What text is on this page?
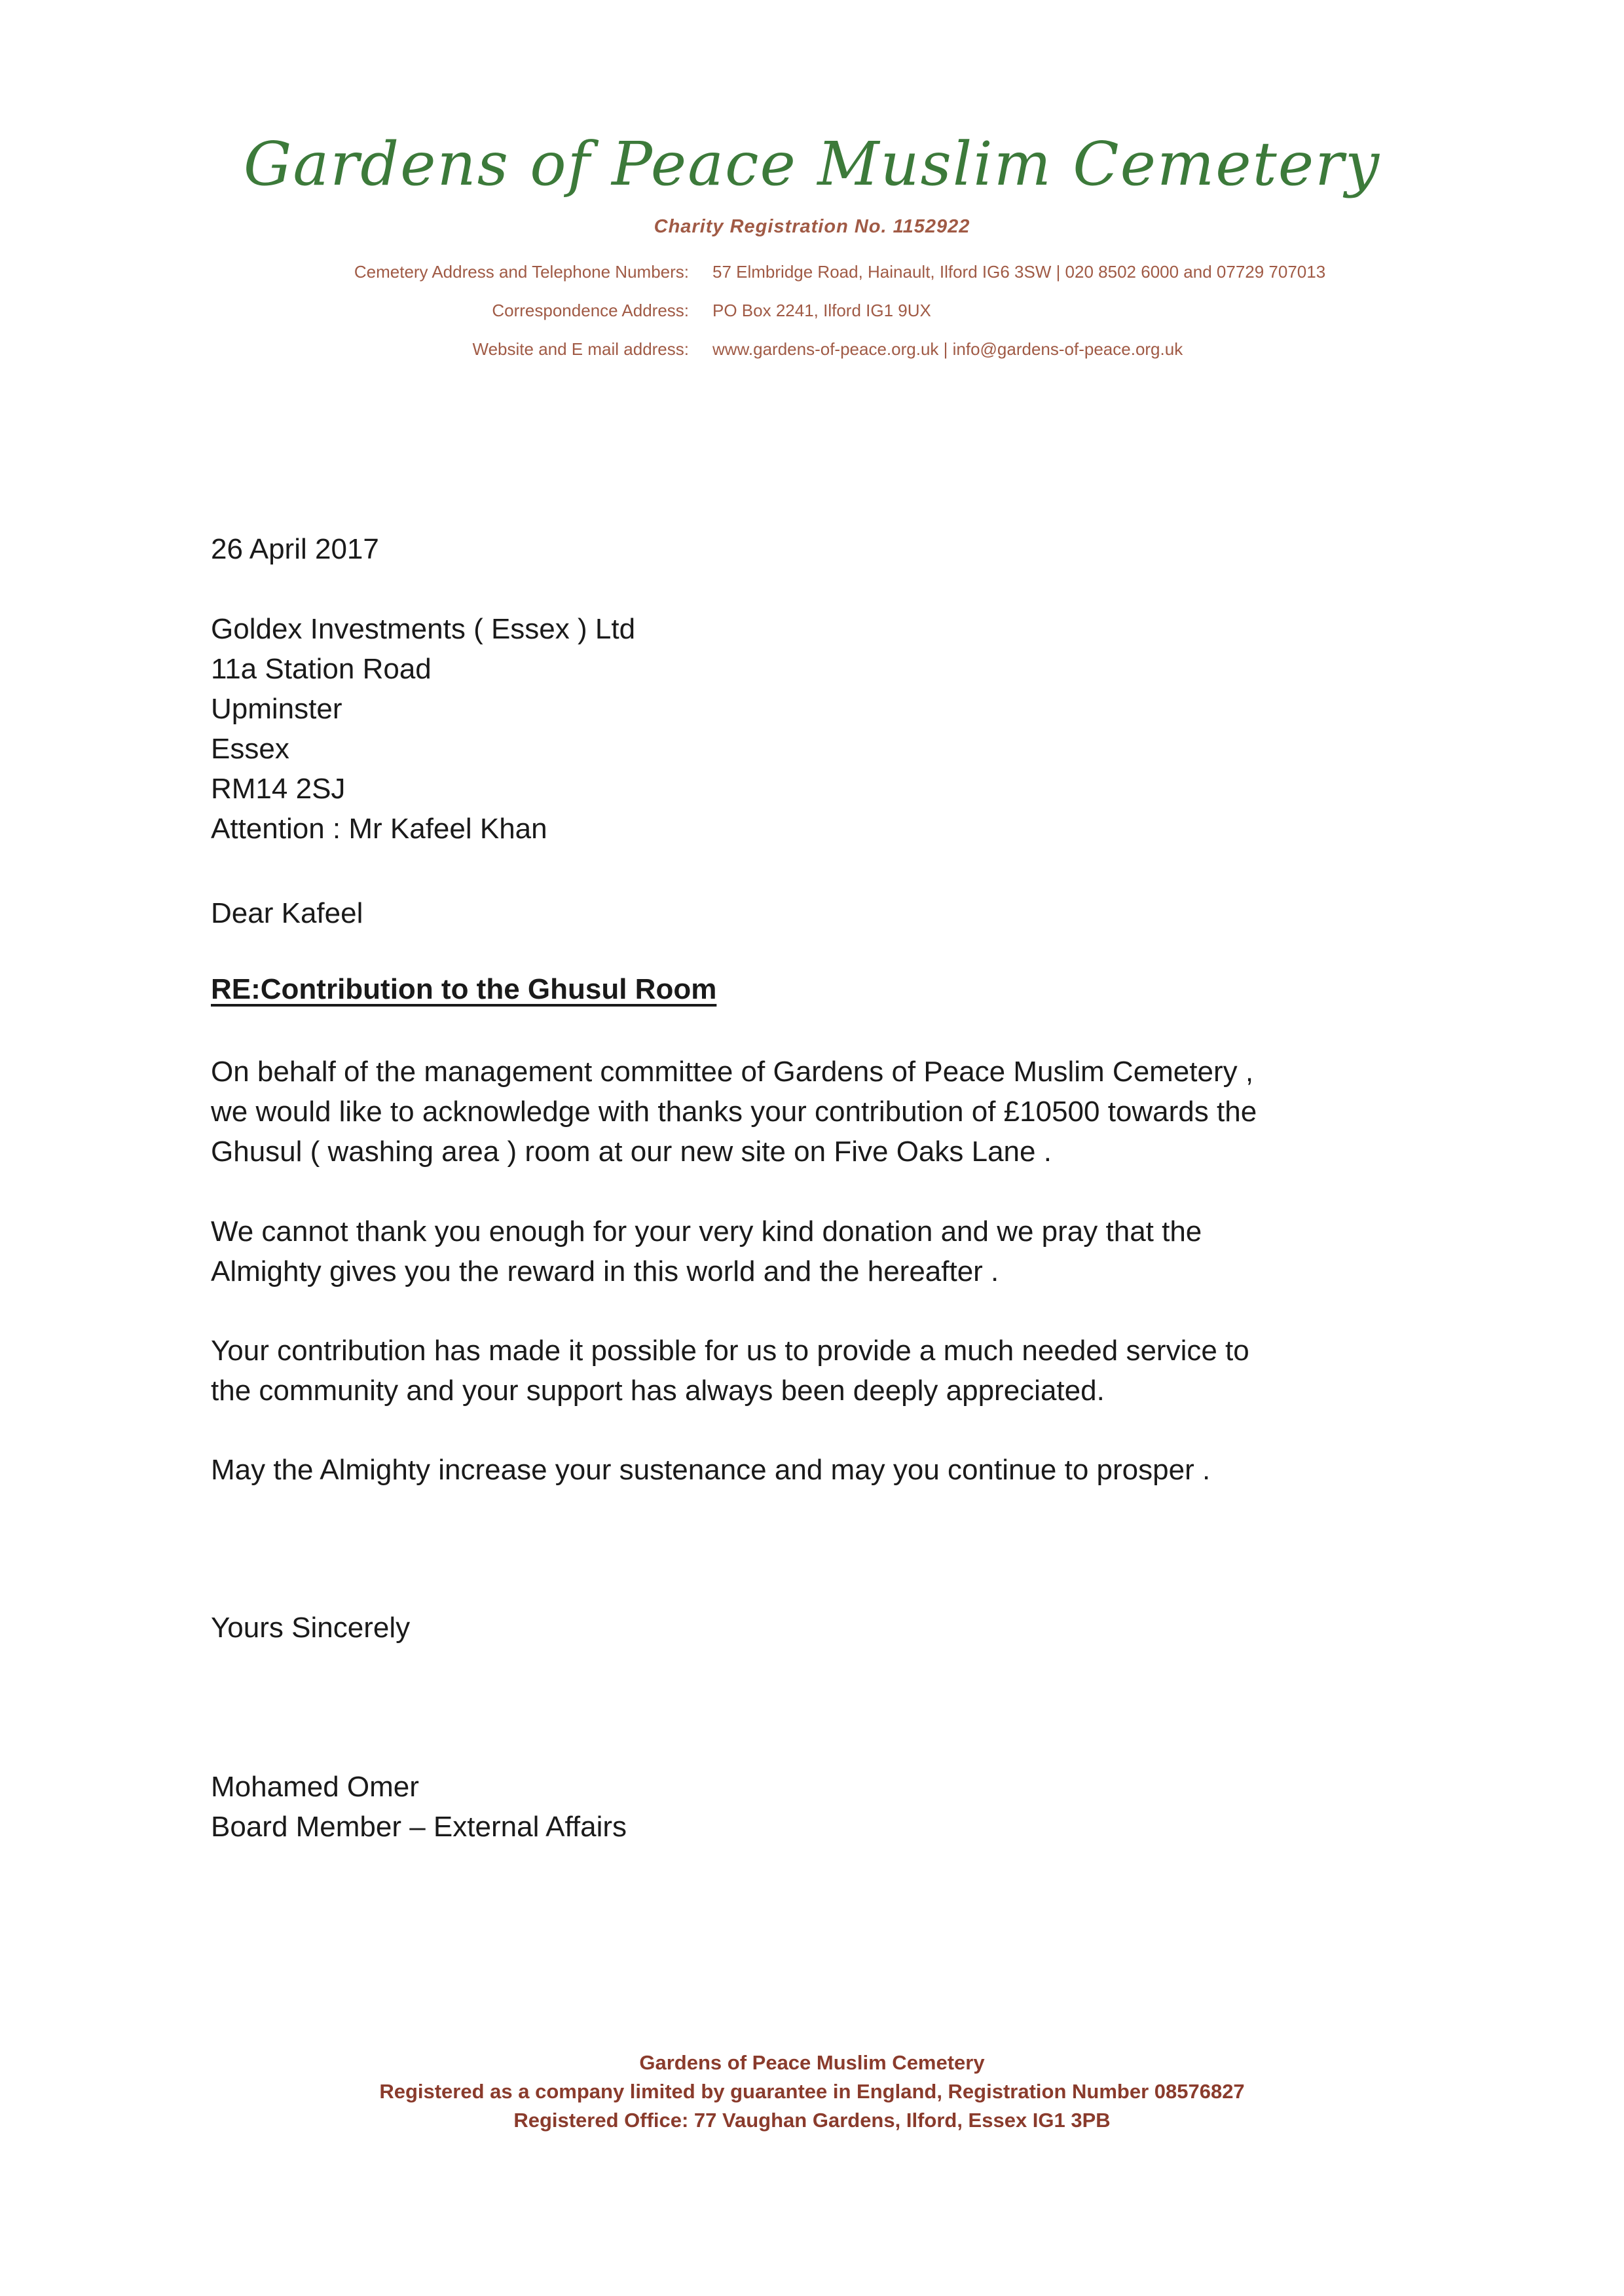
Gardens of Peace Muslim Cemetery
Charity Registration No. 1152922
Cemetery Address and Telephone Numbers: 57 Elmbridge Road, Hainault, Ilford IG6 3SW | 020 8502 6000 and 07729 707013
Correspondence Address: PO Box 2241, Ilford IG1 9UX
Website and E mail address: www.gardens-of-peace.org.uk | info@gardens-of-peace.org.uk
26 April 2017
Goldex Investments ( Essex ) Ltd
11a Station Road
Upminster
Essex
RM14 2SJ
Attention : Mr Kafeel Khan
Dear Kafeel
RE:Contribution to the Ghusul Room
On behalf of the management committee of Gardens of Peace Muslim Cemetery ,
we would like to acknowledge with thanks your contribution of £10500 towards the
Ghusul ( washing area ) room at our new site on Five Oaks Lane .
We cannot thank you enough for your very kind donation and we pray that the
Almighty gives you the reward in this world and the hereafter .
Your contribution has made it possible for us to provide a much needed service to
the community and your support has always been deeply appreciated.
May the Almighty increase your sustenance and may you continue to prosper .
Yours Sincerely
Mohamed Omer
Board Member – External Affairs
Gardens of Peace Muslim Cemetery
Registered as a company limited by guarantee in England, Registration Number 08576827
Registered Office: 77 Vaughan Gardens, Ilford, Essex IG1 3PB
